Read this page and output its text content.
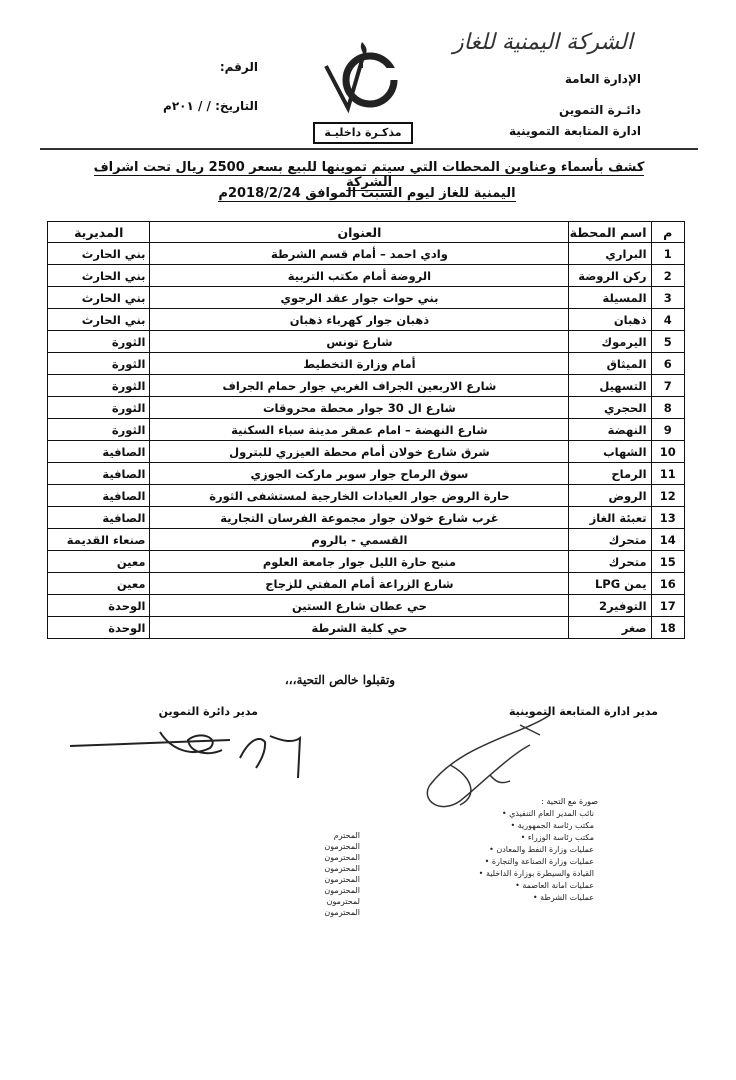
الشركة اليمنية للغاز
الإدارة العامة
دائـرة التموين
ادارة المتابعة التموينية
مذكـرة داخليـة
الرقم:
التاريخ: / / ٢٠١م
كشف بأسماء وعناوين المحطات التي سيتم تموينها للبيع بسعر 2500 ريال تحت اشراف الشركة
اليمنية للغاز ليوم السبت الموافق 2018/2/24م
م	اسم المحطة	العنوان	المديرية
1	البراري	وادي احمد – أمام قسم الشرطة	بني الحارث
2	ركن الروضة	الروضة أمام مكتب التربية	بني الحارث
3	المسيلة	بني حوات جوار عقد الرجوي	بني الحارث
4	ذهبان	ذهبان جوار كهرباء ذهبان	بني الحارث
5	اليرموك	شارع تونس	الثورة
6	الميثاق	أمام وزارة التخطيط	الثورة
7	التسهيل	شارع الاربعين الجراف الغربي جوار حمام الجراف	الثورة
8	الحجري	شارع ال 30 جوار محطة محروقات	الثورة
9	النهضة	شارع النهضة – امام عمقر مدينة سباء السكنية	الثورة
10	الشهاب	شرق شارع خولان أمام محطة العيزري للبترول	الصافية
11	الرماح	سوق الرماح جوار سوبر ماركت الجوزي	الصافية
12	الروض	حارة الروض جوار العيادات الخارجية لمستشفى الثورة	الصافية
13	تعبئة الغاز	غرب شارع خولان جوار مجموعة الفرسان التجارية	الصافية
14	متحرك	القسمي - بالروم	صنعاء القديمة
15	متحرك	منبح حارة الليل جوار جامعة العلوم	معين
16	يمن LPG	شارع الزراعة أمام المفتي للزجاج	معين
17	التوفير2	حي عطان شارع الستين	الوحدة
18	صغر	حي كلية الشرطة	الوحدة
وتقبلوا خالص التحية،،،
مدير ادارة المتابعة التموينية
مدير دائرة التموين
صورة مع التحية :
نائب المدير العام التنفيذي •
مكتب رئاسة الجمهورية •
مكتب رئاسة الوزراء •
عمليات وزارة النفط والمعادن •
عمليات وزارة الصناعة والتجارة •
القيادة والسيطرة بوزارة الداخلية •
عمليات امانة العاصمة •
عمليات الشرطة •
المحترم
المحترمون
المحترمون
المحترمون
المحترمون
المحترمون
لمحترمون
المحترمون
